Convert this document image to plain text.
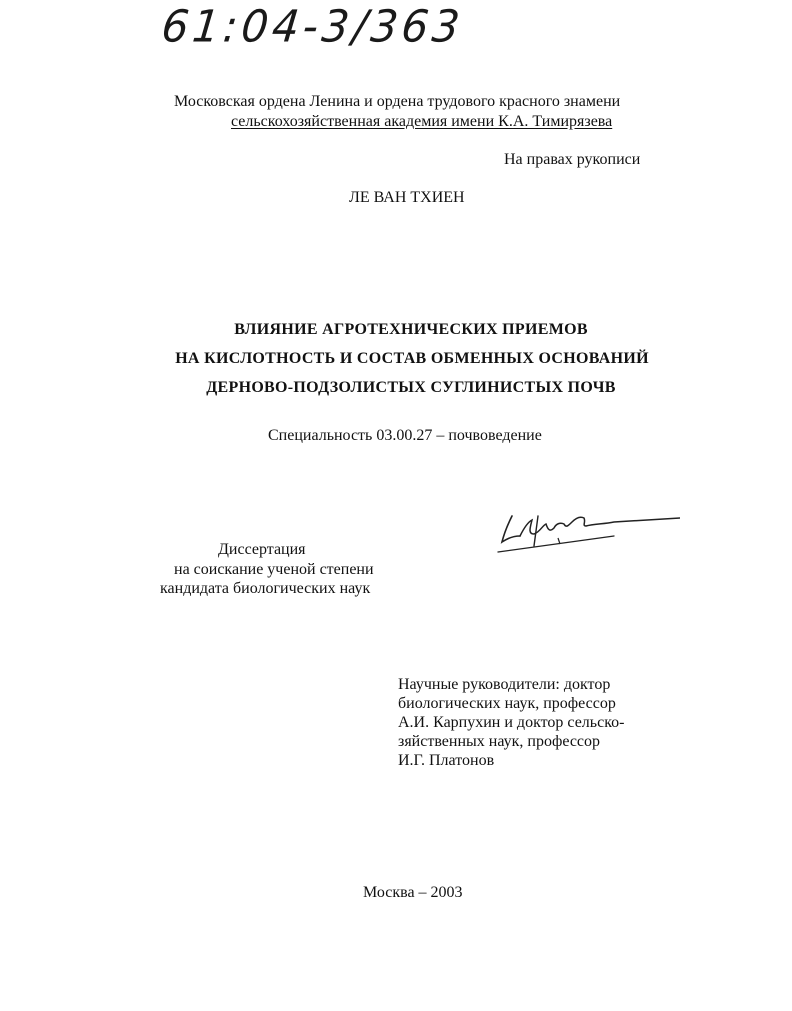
61:04-3/363
Московская ордена Ленина и ордена трудового красного знамени
сельскохозяйственная академия имени К.А. Тимирязева
На правах рукописи
ЛЕ ВАН ТХИЕН
ВЛИЯНИЕ АГРОТЕХНИЧЕСКИХ ПРИЕМОВ
НА КИСЛОТНОСТЬ И СОСТАВ ОБМЕННЫХ ОСНОВАНИЙ
ДЕРНОВО-ПОДЗОЛИСТЫХ СУГЛИНИСТЫХ ПОЧВ
Специальность 03.00.27 – почвоведение
Диссертация
на соискание ученой степени
кандидата биологических наук
Научные руководители: доктор
биологических наук, профессор
А.И. Карпухин и доктор сельско-
зяйственных наук, профессор
И.Г. Платонов
Москва – 2003
